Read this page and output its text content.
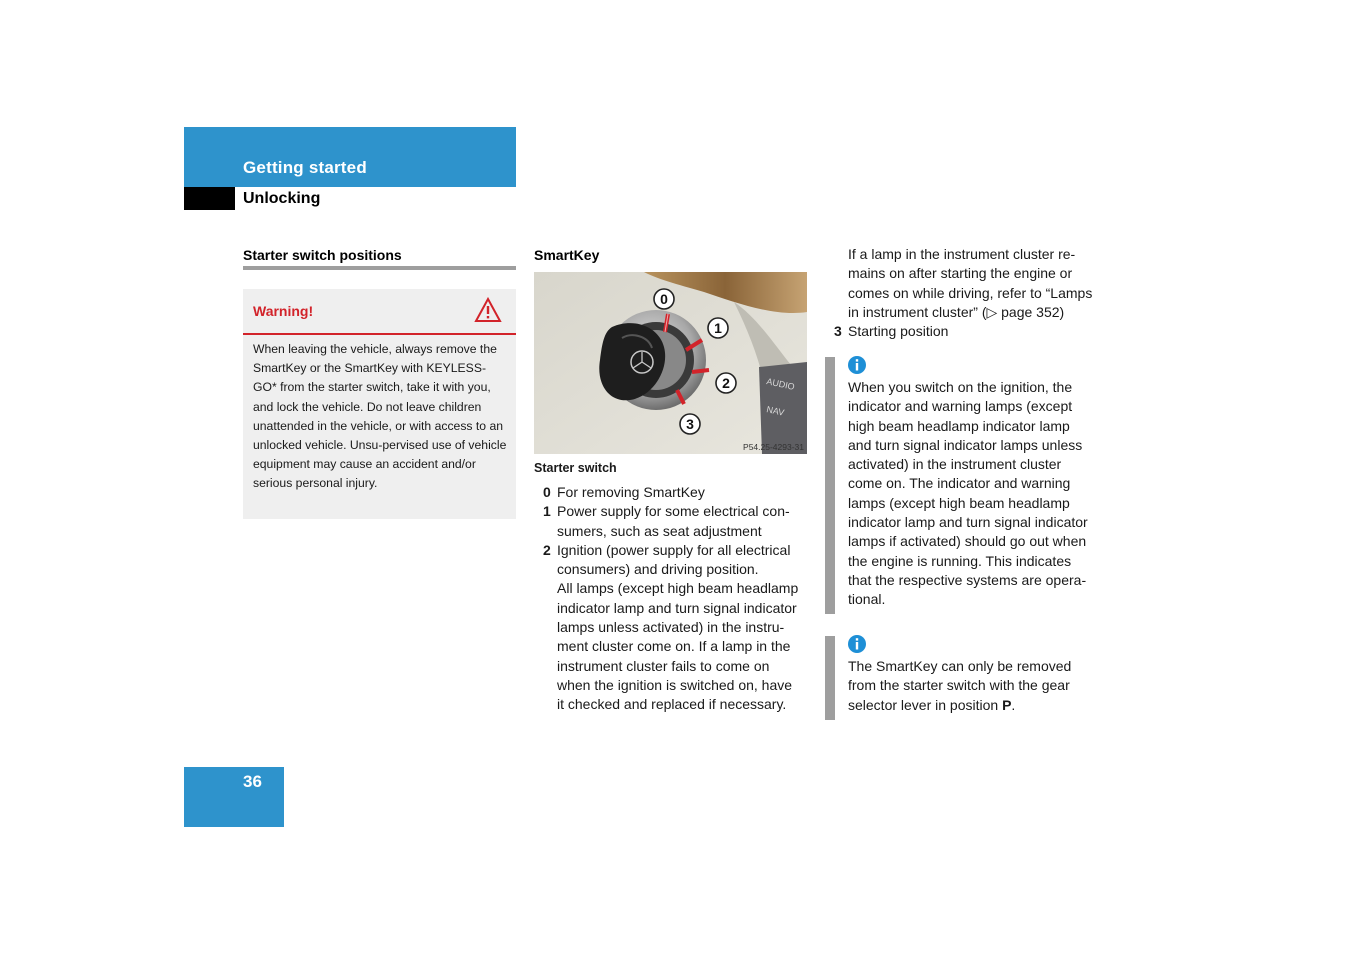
Getting started
Unlocking
Starter switch positions
Warning!
When leaving the vehicle, always remove the SmartKey or the SmartKey with KEYLESS-GO* from the starter switch, take it with you, and lock the vehicle. Do not leave children unattended in the vehicle, or with access to an unlocked vehicle. Unsu-pervised use of vehicle equipment may cause an accident and/or serious personal injury.
SmartKey
AUDIO
NAV
0
1
2
3
P54.25-4293-31
Starter switch
0 For removing SmartKey
1 Power supply for some electrical con-
sumers, such as seat adjustment
2 Ignition (power supply for all electrical
consumers) and driving position.
All lamps (except high beam headlamp
indicator lamp and turn signal indicator
lamps unless activated) in the instru-
ment cluster come on. If a lamp in the
instrument cluster fails to come on
when the ignition is switched on, have
it checked and replaced if necessary.
If a lamp in the instrument cluster re-
mains on after starting the engine or
comes on while driving, refer to “Lamps
in instrument cluster” (▷ page 352)
3 Starting position
When you switch on the ignition, the
indicator and warning lamps (except
high beam headlamp indicator lamp
and turn signal indicator lamps unless
activated) in the instrument cluster
come on. The indicator and warning
lamps (except high beam headlamp
indicator lamp and turn signal indicator
lamps if activated) should go out when
the engine is running. This indicates
that the respective systems are opera-
tional.
The SmartKey can only be removed
from the starter switch with the gear
selector lever in position P.
36
